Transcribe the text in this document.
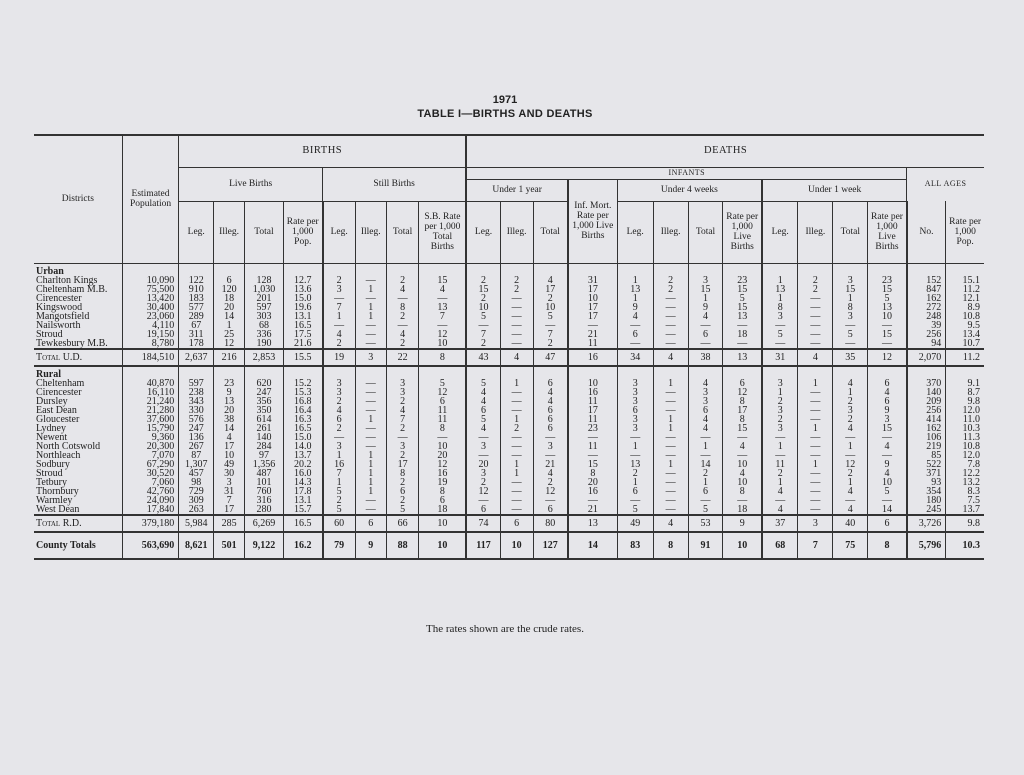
1971
TABLE I—BIRTHS AND DEATHS
Districts	Estimated Population	BIRTHS								DEATHS													
		Live Births				Still Births				INFANTS												ALL AGES	
										Under 1 year			Inf. Mort. Rate per 1,000 Live Births	Under 4 weeks				Under 1 week					
		Leg.	Illeg.	Total	Rate per 1,000 Pop.	Leg.	Illeg.	Total	S.B. Rate per 1,000 Total Births	Leg.	Illeg.	Total		Leg.	Illeg.	Total	Rate per 1,000 Live Births	Leg.	Illeg.	Total	Rate per 1,000 Live Births	No.	Rate per 1,000 Pop.
Urban																							
Charlton Kings	10,090	122	6	128	12.7	2	—	2	15	2	2	4	31	1	2	3	23	1	2	3	23	152	15.1
Cheltenham M.B.	75,500	910	120	1,030	13.6	3	1	4	4	15	2	17	17	13	2	15	15	13	2	15	15	847	11.2
Cirencester	13,420	183	18	201	15.0	—	—	—	—	2	—	2	10	1	—	1	5	1	—	1	5	162	12.1
Kingswood	30,400	577	20	597	19.6	7	1	8	13	10	—	10	17	9	—	9	15	8	—	8	13	272	8.9
Mangotsfield	23,060	289	14	303	13.1	1	1	2	7	5	—	5	17	4	—	4	13	3	—	3	10	248	10.8
Nailsworth	4,110	67	1	68	16.5	—	—	—	—	—	—	—	—	—	—	—	—	—	—	—	—	39	9.5
Stroud	19,150	311	25	336	17.5	4	—	4	12	7	—	7	21	6	—	6	18	5	—	5	15	256	13.4
Tewkesbury M.B.	8,780	178	12	190	21.6	2	—	2	10	2	—	2	11	—	—	—	—	—	—	—	—	94	10.7
Total U.D.	184,510	2,637	216	2,853	15.5	19	3	22	8	43	4	47	16	34	4	38	13	31	4	35	12	2,070	11.2
Rural																							
Cheltenham	40,870	597	23	620	15.2	3	—	3	5	5	1	6	10	3	1	4	6	3	1	4	6	370	9.1
Cirencester	16,110	238	9	247	15.3	3	—	3	12	4	—	4	16	3	—	3	12	1	—	1	4	140	8.7
Dursley	21,240	343	13	356	16.8	2	—	2	6	4	—	4	11	3	—	3	8	2	—	2	6	209	9.8
East Dean	21,280	330	20	350	16.4	4	—	4	11	6	—	6	17	6	—	6	17	3	—	3	9	256	12.0
Gloucester	37,600	576	38	614	16.3	6	1	7	11	5	1	6	11	3	1	4	8	2	—	2	3	414	11.0
Lydney	15,790	247	14	261	16.5	2	—	2	8	4	2	6	23	3	1	4	15	3	1	4	15	162	10.3
Newent	9,360	136	4	140	15.0	—	—	—	—	—	—	—	—	—	—	—	—	—	—	—	—	106	11.3
North Cotswold	20,300	267	17	284	14.0	3	—	3	10	3	—	3	11	1	—	1	4	1	—	1	4	219	10.8
Northleach	7,070	87	10	97	13.7	1	1	2	20	—	—	—	—	—	—	—	—	—	—	—	—	85	12.0
Sodbury	67,290	1,307	49	1,356	20.2	16	1	17	12	20	1	21	15	13	1	14	10	11	1	12	9	522	7.8
Stroud	30,520	457	30	487	16.0	7	1	8	16	3	1	4	8	2	—	2	4	2	—	2	4	371	12.2
Tetbury	7,060	98	3	101	14.3	1	1	2	19	2	—	2	20	1	—	1	10	1	—	1	10	93	13.2
Thornbury	42,760	729	31	760	17.8	5	1	6	8	12	—	12	16	6	—	6	8	4	—	4	5	354	8.3
Warmley	24,090	309	7	316	13.1	2	—	2	6	—	—	—	—	—	—	—	—	—	—	—	—	180	7.5
West Dean	17,840	263	17	280	15.7	5	—	5	18	6	—	6	21	5	—	5	18	4	—	4	14	245	13.7
Total R.D.	379,180	5,984	285	6,269	16.5	60	6	66	10	74	6	80	13	49	4	53	9	37	3	40	6	3,726	9.8
County Totals	563,690	8,621	501	9,122	16.2	79	9	88	10	117	10	127	14	83	8	91	10	68	7	75	8	5,796	10.3
The rates shown are the crude rates.
